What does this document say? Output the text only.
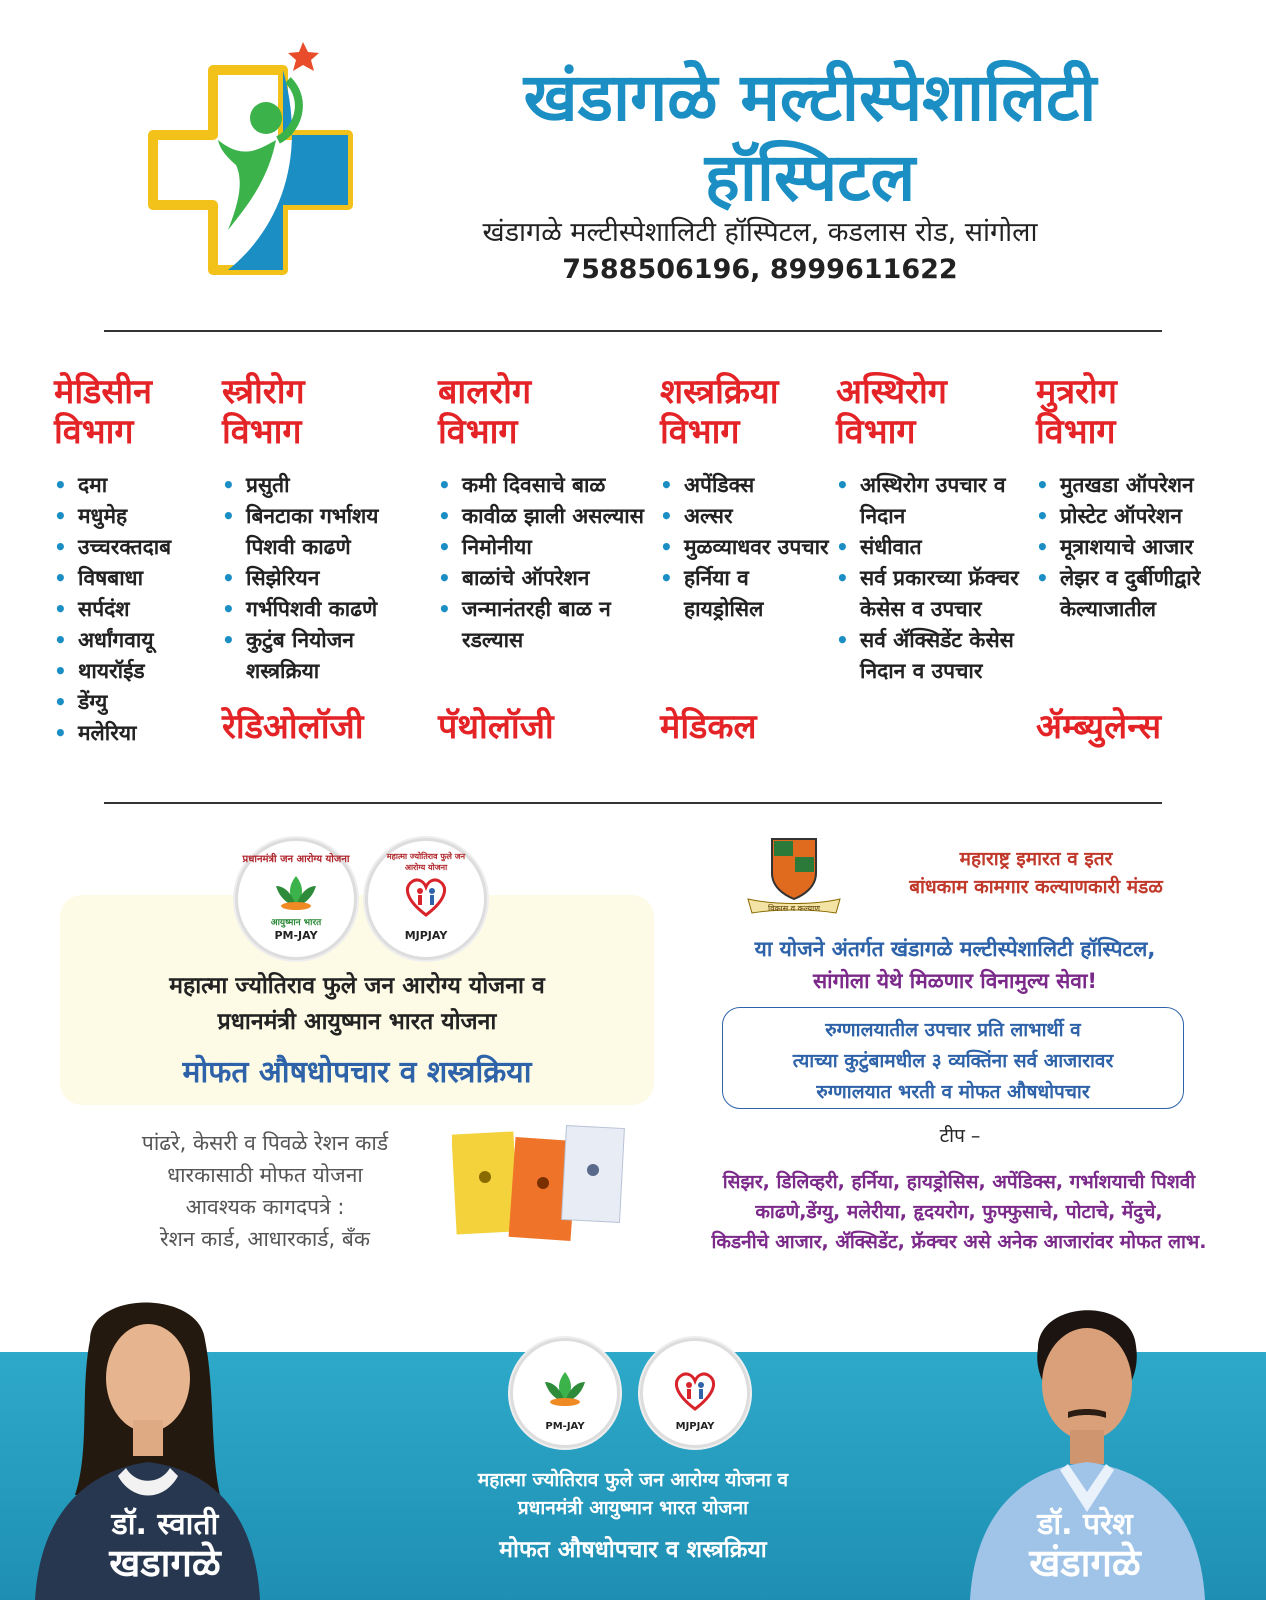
खंडागळे मल्टीस्पेशालिटी
हॉस्पिटल
खंडागळे मल्टीस्पेशालिटी हॉस्पिटल, कडलास रोड, सांगोला
7588506196, 8999611622
मेडिसीन
विभाग
• दमा
• मधुमेह
• उच्चरक्तदाब
• विषबाधा
• सर्पदंश
• अर्धांगवायू
• थायरॉईड
• डेंग्यु
• मलेरिया
स्त्रीरोग
विभाग
• प्रसुती
• बिनटाका गर्भाशय पिशवी काढणे
• सिझेरियन
• गर्भपिशवी काढणे
• कुटुंब नियोजन शस्त्रक्रिया
बालरोग
विभाग
• कमी दिवसाचे बाळ
• कावीळ झाली असल्यास
• निमोनीया
• बाळांचे ऑपरेशन
• जन्मानंतरही बाळ न रडल्यास
शस्त्रक्रिया
विभाग
• अपेंडिक्स
• अल्सर
• मुळव्याधवर उपचार
• हर्निया व हायड्रोसिल
अस्थिरोग
विभाग
• अस्थिरोग उपचार व निदान
• संधीवात
• सर्व प्रकारच्या फ्रॅक्चर केसेस व उपचार
• सर्व ॲक्सिडेंट केसेस निदान व उपचार
मुत्ररोग
विभाग
• मुतखडा ऑपरेशन
• प्रोस्टेट ऑपरेशन
• मूत्राशयाचे आजार
• लेझर व दुर्बीणीद्वारे केल्याजातील
रेडिओलॉजी पॅथोलॉजी	मेडिकल	ॲम्ब्युलेन्स
प्रधानमंत्री जन आरोग्य योजना
आयुष्मान भारत
PM-JAY
महात्मा ज्योतिराव फुले जन आरोग्य योजना
MJPJAY
महात्मा ज्योतिराव फुले जन आरोग्य योजना व
प्रधानमंत्री आयुष्मान भारत योजना
मोफत औषधोपचार व शस्त्रक्रिया
पांढरे, केसरी व पिवळे रेशन कार्ड
धारकासाठी मोफत योजना
आवश्यक कागदपत्रे :
रेशन कार्ड, आधारकार्ड, बँक
विकास व कल्याण
महाराष्ट्र इमारत व इतर
बांधकाम कामगार कल्याणकारी मंडळ
या योजने अंतर्गत खंडागळे मल्टीस्पेशालिटी हॉस्पिटल,
सांगोला येथे मिळणार विनामुल्य सेवा!
रुग्णालयातील उपचार प्रति लाभार्थी व
त्याच्या कुटुंबामधील ३ व्यक्तिंना सर्व आजारावर
रुग्णालयात भरती व मोफत औषधोपचार
टीप –
सिझर, डिलिव्हरी, हर्निया, हायड्रोसिस, अपेंडिक्स, गर्भाशयाची पिशवी
काढणे,डेंग्यु, मलेरीया, हृदयरोग, फुफ्फुसाचे, पोटाचे, मेंदुचे,
किडनीचे आजार, ॲक्सिडेंट, फ्रॅक्चर असे अनेक आजारांवर मोफत लाभ.
PM-JAY	MJPJAY
महात्मा ज्योतिराव फुले जन आरोग्य योजना व
प्रधानमंत्री आयुष्मान भारत योजना
मोफत औषधोपचार व शस्त्रक्रिया
डॉ. स्वाती
खडागळे
डॉ. परेश
खंडागळे
